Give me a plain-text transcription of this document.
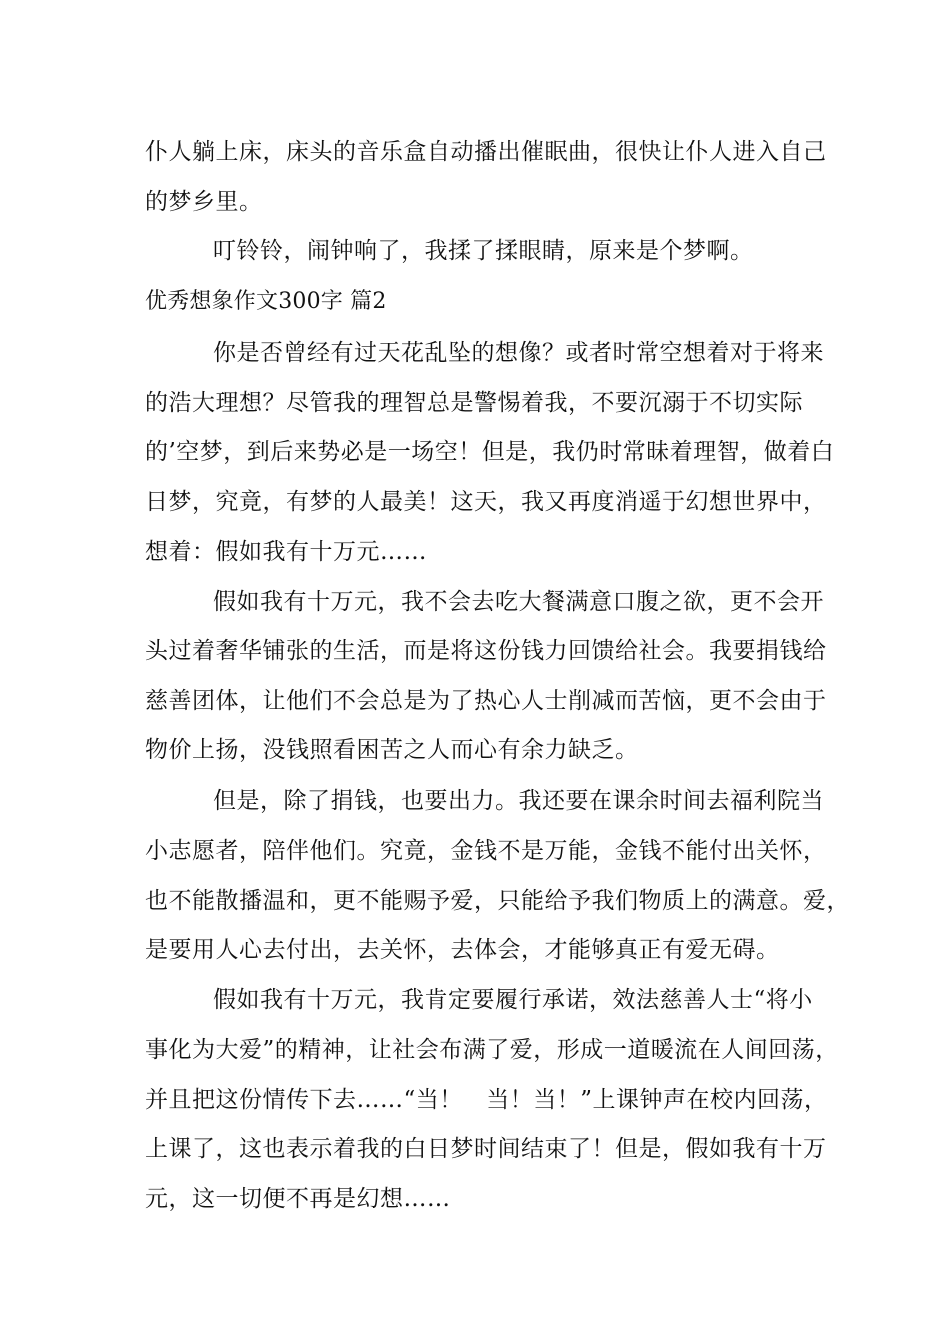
仆人躺上床，床头的音乐盒自动播出催眠曲，很快让仆人进入自己
的梦乡里。
叮铃铃，闹钟响了，我揉了揉眼睛，原来是个梦啊。
优秀想象作文300字 篇2
你是否曾经有过天花乱坠的想像？或者时常空想着对于将来
的浩大理想？尽管我的理智总是警惕着我，不要沉溺于不切实际
的’空梦，到后来势必是一场空！但是，我仍时常昧着理智，做着白
日梦，究竟，有梦的人最美！这天，我又再度消遥于幻想世界中，
想着：假如我有十万元……
假如我有十万元，我不会去吃大餐满意口腹之欲，更不会开
头过着奢华铺张的生活，而是将这份钱力回馈给社会。我要捐钱给
慈善团体，让他们不会总是为了热心人士削减而苦恼，更不会由于
物价上扬，没钱照看困苦之人而心有余力缺乏。
但是，除了捐钱，也要出力。我还要在课余时间去福利院当
小志愿者，陪伴他们。究竟，金钱不是万能，金钱不能付出关怀，
也不能散播温和，更不能赐予爱，只能给予我们物质上的满意。爱，
是要用人心去付出，去关怀，去体会，才能够真正有爱无碍。
假如我有十万元，我肯定要履行承诺，效法慈善人士“将小
事化为大爱”的精神，让社会布满了爱，形成一道暖流在人间回荡，
并且把这份情传下去……“当！　当！当！”上课钟声在校内回荡，
上课了，这也表示着我的白日梦时间结束了！但是，假如我有十万
元，这一切便不再是幻想……
